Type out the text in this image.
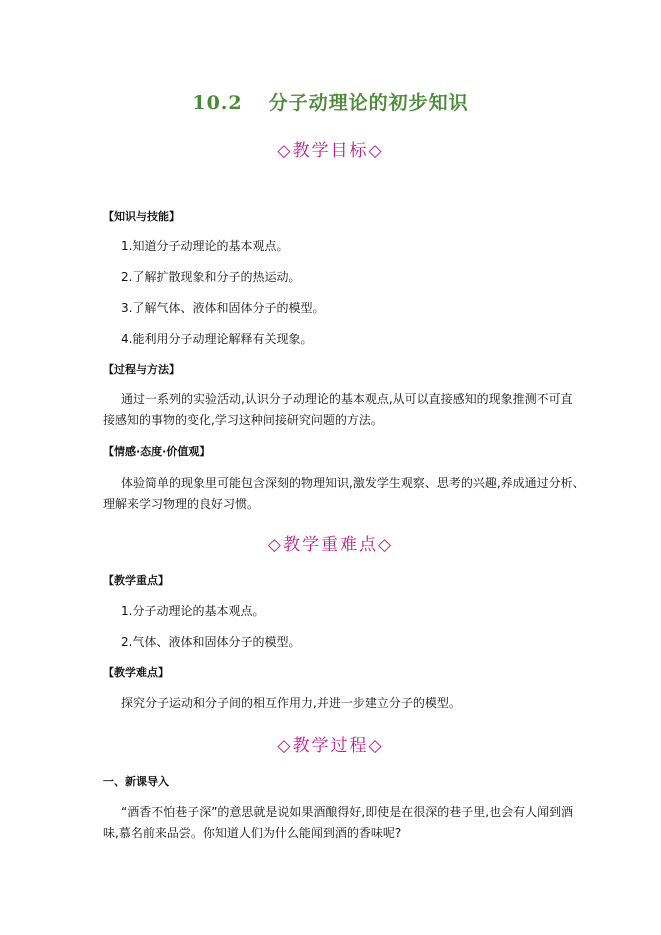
10.2 分子动理论的初步知识
◇教学目标◇
【知识与技能】
1.知道分子动理论的基本观点。
2.了解扩散现象和分子的热运动。
3.了解气体、液体和固体分子的模型。
4.能利用分子动理论解释有关现象。
【过程与方法】
通过一系列的实验活动,认识分子动理论的基本观点,从可以直接感知的现象推测不可直
接感知的事物的变化,学习这种间接研究问题的方法。
【情感·态度·价值观】
体验简单的现象里可能包含深刻的物理知识,激发学生观察、思考的兴趣,养成通过分析、
理解来学习物理的良好习惯。
◇教学重难点◇
【教学重点】
1.分子动理论的基本观点。
2.气体、液体和固体分子的模型。
【教学难点】
探究分子运动和分子间的相互作用力,并进一步建立分子的模型。
◇教学过程◇
一、新课导入
“酒香不怕巷子深”的意思就是说如果酒酿得好,即使是在很深的巷子里,也会有人闻到酒
味,慕名前来品尝。你知道人们为什么能闻到酒的香味呢?
